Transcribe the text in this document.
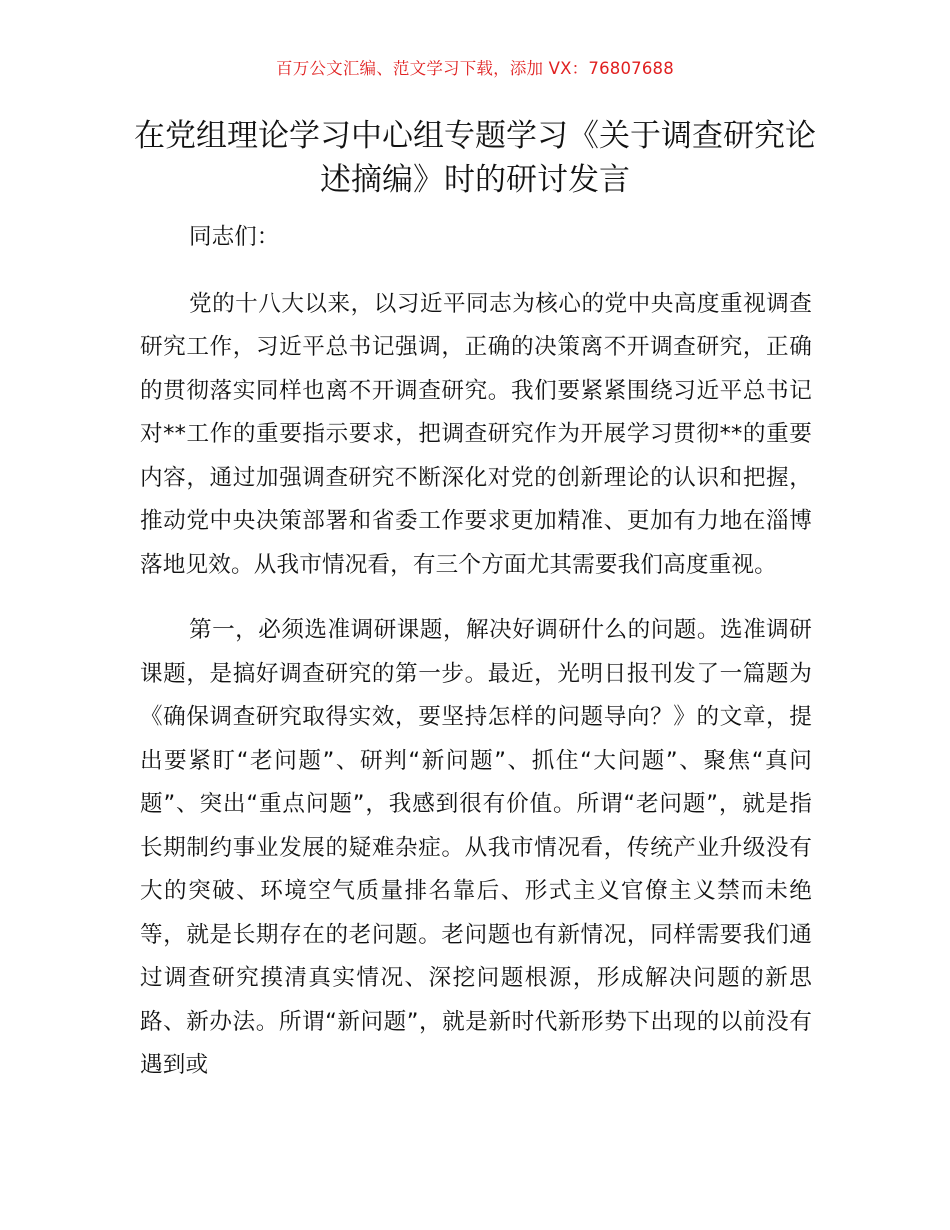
百万公文汇编、范文学习下载，添加 VX：76807688
在党组理论学习中心组专题学习《关于调查研究论述摘编》时的研讨发言

同志们：

党的十八大以来，以习近平同志为核心的党中央高度重视调查研究工作，习近平总书记强调，正确的决策离不开调查研究，正确的贯彻落实同样也离不开调查研究。我们要紧紧围绕习近平总书记对**工作的重要指示要求，把调查研究作为开展学习贯彻**的重要内容，通过加强调查研究不断深化对党的创新理论的认识和把握，推动党中央决策部署和省委工作要求更加精准、更加有力地在淄博落地见效。从我市情况看，有三个方面尤其需要我们高度重视。

第一，必须选准调研课题，解决好调研什么的问题。选准调研课题，是搞好调查研究的第一步。最近，光明日报刊发了一篇题为《确保调查研究取得实效，要坚持怎样的问题导向？》的文章，提出要紧盯“老问题”、研判“新问题”、抓住“大问题”、聚焦“真问题”、突出“重点问题”，我感到很有价值。所谓“老问题”，就是指长期制约事业发展的疑难杂症。从我市情况看，传统产业升级没有大的突破、环境空气质量排名靠后、形式主义官僚主义禁而未绝等，就是长期存在的老问题。老问题也有新情况，同样需要我们通过调查研究摸清真实情况、深挖问题根源，形成解决问题的新思路、新办法。所谓“新问题”，就是新时代新形势下出现的以前没有遇到或
